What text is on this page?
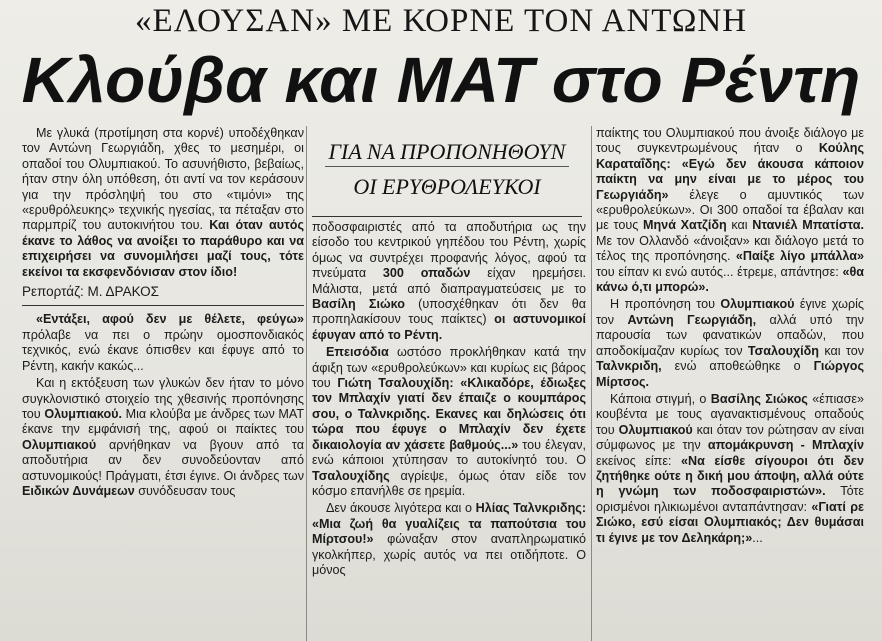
«ΕΛΟΥΣΑΝ» ΜΕ ΚΟΡΝΕ ΤΟΝ ΑΝΤΩΝΗ
Κλούβα και ΜΑΤ στο Ρέντη

Με γλυκά (προτίμηση στα κορνέ) υποδέχθηκαν τον Αντώνη Γεωργιάδη, χθες το μεσημέρι, οι οπαδοί του Ολυμπιακού. Το ασυνήθιστο, βεβαίως, ήταν στην όλη υπόθεση, ότι αντί να τον κεράσουν για την πρόσληψή του στο «τιμόνι» της «ερυθρόλευκης» τεχνικής ηγεσίας, τα πέταξαν στο παρμπρίζ του αυτοκινήτου του. Και όταν αυτός έκανε το λάθος να ανοίξει το παράθυρο και να επιχειρήσει να συνομιλήσει μαζί τους, τότε εκείνοι τα εκσφενδόνισαν στον ίδιο!

Ρεπορτάζ: Μ. ΔΡΑΚΟΣ

«Εντάξει, αφού δεν με θέλετε, φεύγω» πρόλαβε να πει ο πρώην ομοσπονδιακός τεχνικός, ενώ έκανε όπισθεν και έφυγε από το Ρέντη, κακήν κακώς...

Και η εκτόξευση των γλυκών δεν ήταν το μόνο συγκλονιστικό στοιχείο της χθεσινής προπόνησης του Ολυμπιακού. Μια κλούβα με άνδρες των ΜΑΤ έκανε την εμφάνισή της, αφού οι παίκτες του Ολυμπιακού αρνήθηκαν να βγουν από τα αποδυτήρια αν δεν συνοδεύονταν από αστυνομικούς! Πράγματι, έτσι έγινε. Οι άνδρες των Ειδικών Δυνάμεων συνόδευσαν τους

ΓΙΑ ΝΑ ΠΡΟΠΟΝΗΘΟΥΝ
ΟΙ ΕΡΥΘΡΟΛΕΥΚΟΙ

ποδοσφαιριστές από τα αποδυτήρια ως την είσοδο του κεντρικού γηπέδου του Ρέντη, χωρίς όμως να συντρέχει προφανής λόγος, αφού τα πνεύματα 300 οπαδών είχαν ηρεμήσει. Μάλιστα, μετά από διαπραγματεύσεις με το Βασίλη Σιώκο (υποσχέθηκαν ότι δεν θα προπηλακίσουν τους παίκτες) οι αστυνομικοί έφυγαν από το Ρέντη.

Επεισόδια ωστόσο προκλήθηκαν κατά την άφιξη των «ερυθρολεύκων» και κυρίως εις βάρος του Γιώτη Τσαλουχίδη: «Κλικαδόρε, έδιωξες τον Μπλαχίν γιατί δεν έπαιζε ο κουμπάρος σου, ο Ταλνκριδης. Εκανες και δηλώσεις ότι τώρα που έφυγε ο Μπλαχίν δεν έχετε δικαιολογία αν χάσετε βαθμούς...» του έλεγαν, ενώ κάποιοι χτύπησαν το αυτοκίνητό του. Ο Τσαλουχίδης αγρίεψε, όμως όταν είδε τον κόσμο επανήλθε σε ηρεμία.

Δεν άκουσε λιγότερα και ο Ηλίας Ταλνκριδης: «Μια ζωή θα γυαλίζεις τα παπούτσια του Μίρτσου!» φώναξαν στον αναπληρωματικό γκολκήπερ, χωρίς αυτός να πει οτιδήποτε. Ο μόνος

παίκτης του Ολυμπιακού που άνοιξε διάλογο με τους συγκεντρωμένους ήταν ο Κούλης Καραταΐδης: «Εγώ δεν άκουσα κάποιον παίκτη να μην είναι με το μέρος του Γεωργιάδη» έλεγε ο αμυντικός των «ερυθρολεύκων». Οι 300 οπαδοί τα έβαλαν και με τους Μηνά Χατζίδη και Ντανιέλ Μπατίστα. Με τον Ολλανδό «άνοιξαν» και διάλογο μετά το τέλος της προπόνησης. «Παίξε λίγο μπάλλα» του είπαν κι ενώ αυτός... έτρεμε, απάντησε: «θα κάνω ό,τι μπορώ».

Η προπόνηση του Ολυμπιακού έγινε χωρίς τον Αντώνη Γεωργιάδη, αλλά υπό την παρουσία των φανατικών οπαδών, που αποδοκίμαζαν κυρίως τον Τσαλουχίδη και τον Ταλνκριδη, ενώ αποθεώθηκε ο Γιώργος Μίρτσος.

Κάποια στιγμή, ο Βασίλης Σιώκος «έπιασε» κουβέντα με τους αγανακτισμένους οπαδούς του Ολυμπιακού και όταν τον ρώτησαν αν είναι σύμφωνος με την απομάκρυνση - Μπλαχίν εκείνος είπε: «Να είσθε σίγουροι ότι δεν ζητήθηκε ούτε η δική μου άποψη, αλλά ούτε η γνώμη των ποδοσφαιριστών». Τότε ορισμένοι ηλικιωμένοι ανταπάντησαν: «Γιατί ρε Σιώκο, εσύ είσαι Ολυμπιακός; Δεν θυμάσαι τι έγινε με τον Δεληκάρη;»...
